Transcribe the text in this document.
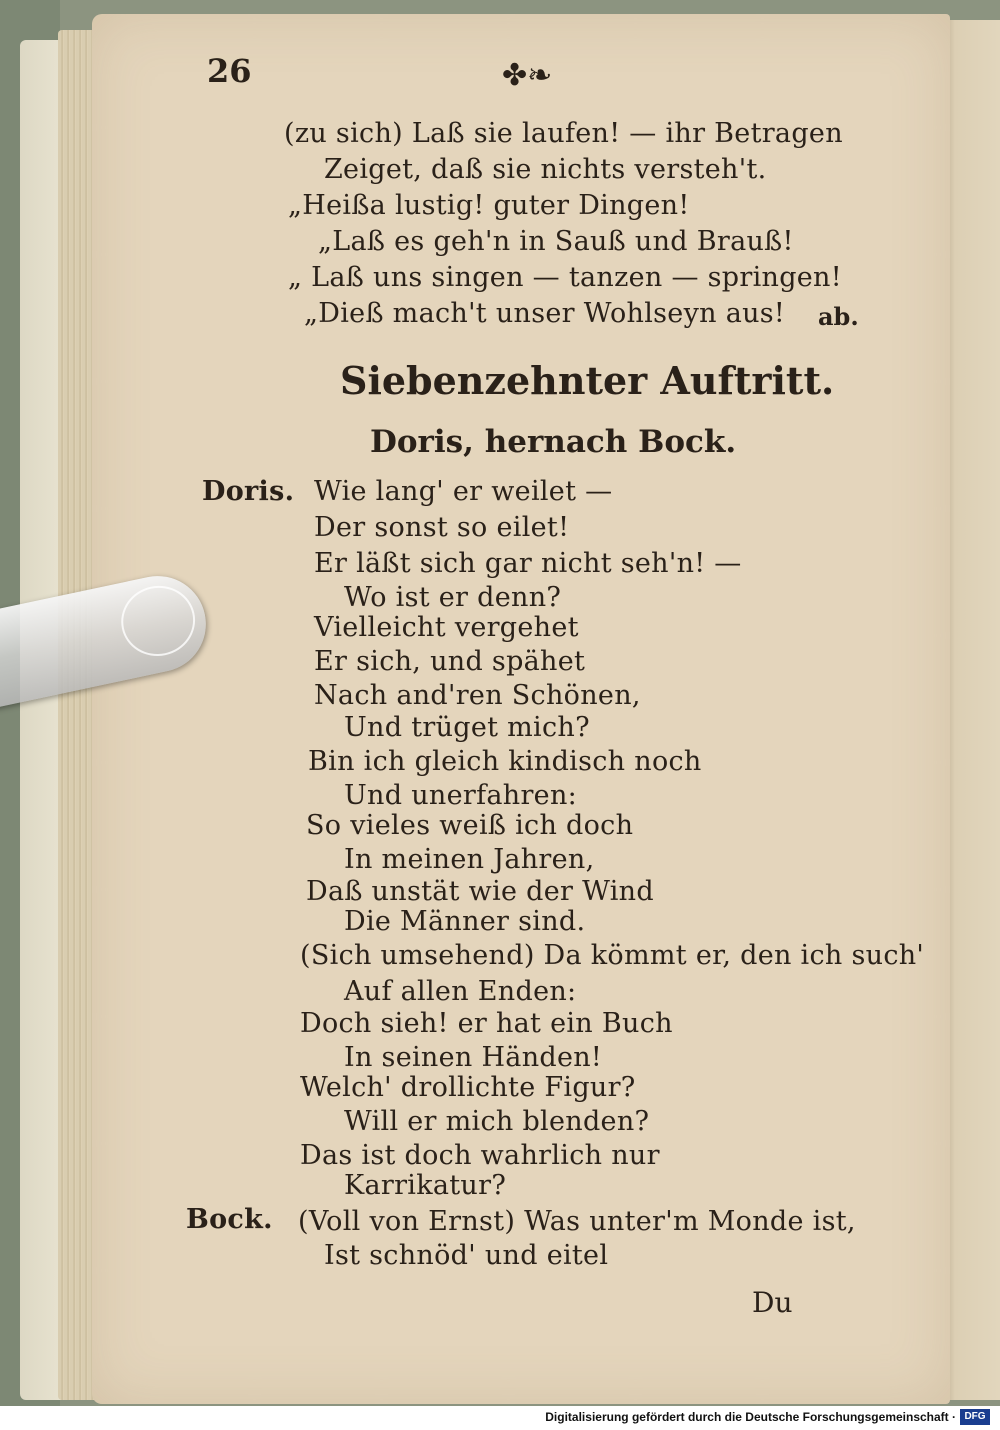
26	✤❧
(zu sich) Laß sie laufen! — ihr Betragen
Zeiget, daß sie nichts versteh't.
„Heißa lustig! guter Dingen!
„Laß es geh'n in Sauß und Brauß!
„ Laß uns singen — tanzen — springen!
„Dieß mach't unser Wohlseyn aus! ab.
Siebenzehnter Auftritt.
Doris, hernach Bock.
Doris. Wie lang' er weilet —
Der sonst so eilet!
Er läßt sich gar nicht seh'n! —
Wo ist er denn?
Vielleicht vergehet
Er sich, und spähet
Nach and'ren Schönen,
Und trüget mich?
Bin ich gleich kindisch noch
Und unerfahren:
So vieles weiß ich doch
In meinen Jahren,
Daß unstät wie der Wind
Die Männer sind.
(Sich umsehend) Da kömmt er, den ich such'
Auf allen Enden:
Doch sieh! er hat ein Buch
In seinen Händen!
Welch' drollichte Figur?
Will er mich blenden?
Das ist doch wahrlich nur
Karrikatur?
Bock. (Voll von Ernst) Was unter'm Monde ist,
Ist schnöd' und eitel
Du
Digitalisierung gefördert durch die Deutsche Forschungsgemeinschaft · DFG
